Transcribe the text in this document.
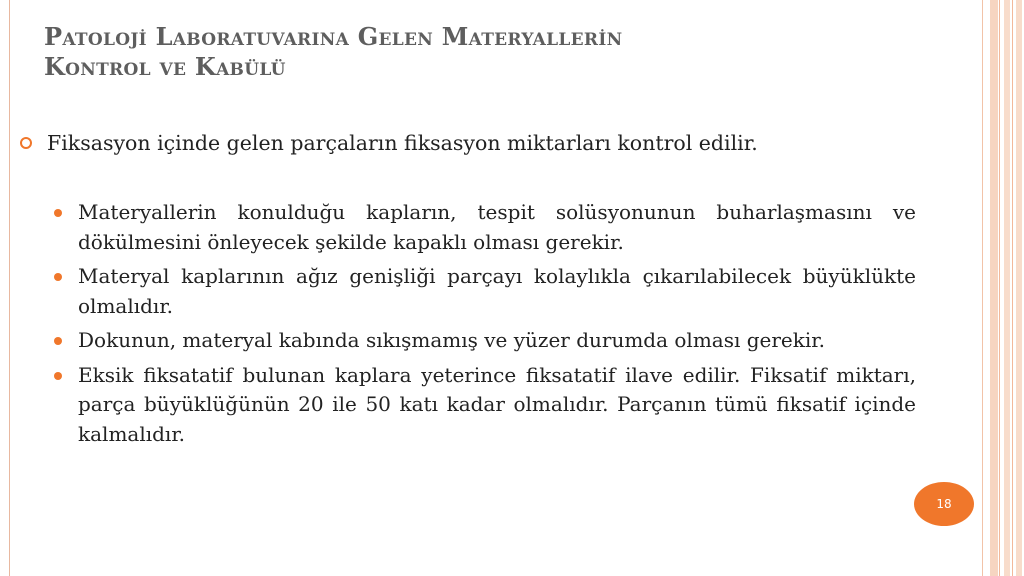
Patoloji̇ Laboratuvarina Gelen Materyalleri̇n
Kontrol ve Kabülü
Fiksasyon içinde gelen parçaların fiksasyon miktarları kontrol edilir.
Materyallerin konulduğu kapların, tespit solüsyonunun buharlaşmasını ve dökülmesini önleyecek şekilde kapaklı olması gerekir.
Materyal kaplarının ağız genişliği parçayı kolaylıkla çıkarılabilecek büyüklükte olmalıdır.
Dokunun, materyal kabında sıkışmamış ve yüzer durumda olması gerekir.
Eksik fiksatatif bulunan kaplara yeterince fiksatatif ilave edilir. Fiksatif miktarı, parça büyüklüğünün 20 ile 50 katı kadar olmalıdır. Parçanın tümü fiksatif içinde kalmalıdır.
18
